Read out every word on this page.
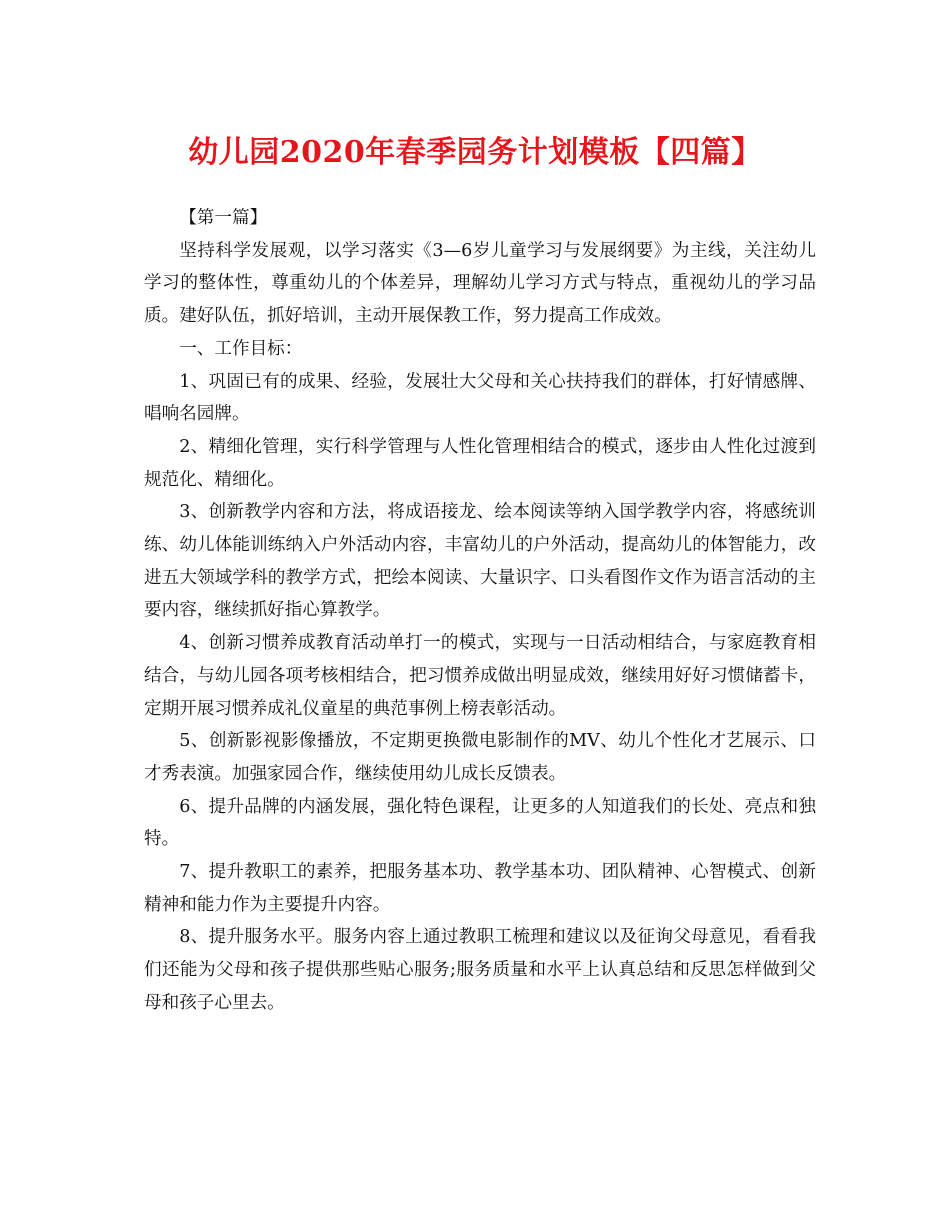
幼儿园2020年春季园务计划模板【四篇】

【第一篇】

坚持科学发展观，以学习落实《3—6岁儿童学习与发展纲要》为主线，关注幼儿学习的整体性，尊重幼儿的个体差异，理解幼儿学习方式与特点，重视幼儿的学习品质。建好队伍，抓好培训，主动开展保教工作，努力提高工作成效。

一、工作目标：

1、巩固已有的成果、经验，发展壮大父母和关心扶持我们的群体，打好情感牌、唱响名园牌。

2、精细化管理，实行科学管理与人性化管理相结合的模式，逐步由人性化过渡到规范化、精细化。

3、创新教学内容和方法，将成语接龙、绘本阅读等纳入国学教学内容，将感统训练、幼儿体能训练纳入户外活动内容，丰富幼儿的户外活动，提高幼儿的体智能力，改进五大领域学科的教学方式，把绘本阅读、大量识字、口头看图作文作为语言活动的主要内容，继续抓好指心算教学。

4、创新习惯养成教育活动单打一的模式，实现与一日活动相结合，与家庭教育相结合，与幼儿园各项考核相结合，把习惯养成做出明显成效，继续用好好习惯储蓄卡，定期开展习惯养成礼仪童星的典范事例上榜表彰活动。

5、创新影视影像播放，不定期更换微电影制作的MV、幼儿个性化才艺展示、口才秀表演。加强家园合作，继续使用幼儿成长反馈表。

6、提升品牌的内涵发展，强化特色课程，让更多的人知道我们的长处、亮点和独特。

7、提升教职工的素养，把服务基本功、教学基本功、团队精神、心智模式、创新精神和能力作为主要提升内容。

8、提升服务水平。服务内容上通过教职工梳理和建议以及征询父母意见，看看我们还能为父母和孩子提供那些贴心服务;服务质量和水平上认真总结和反思怎样做到父母和孩子心里去。
